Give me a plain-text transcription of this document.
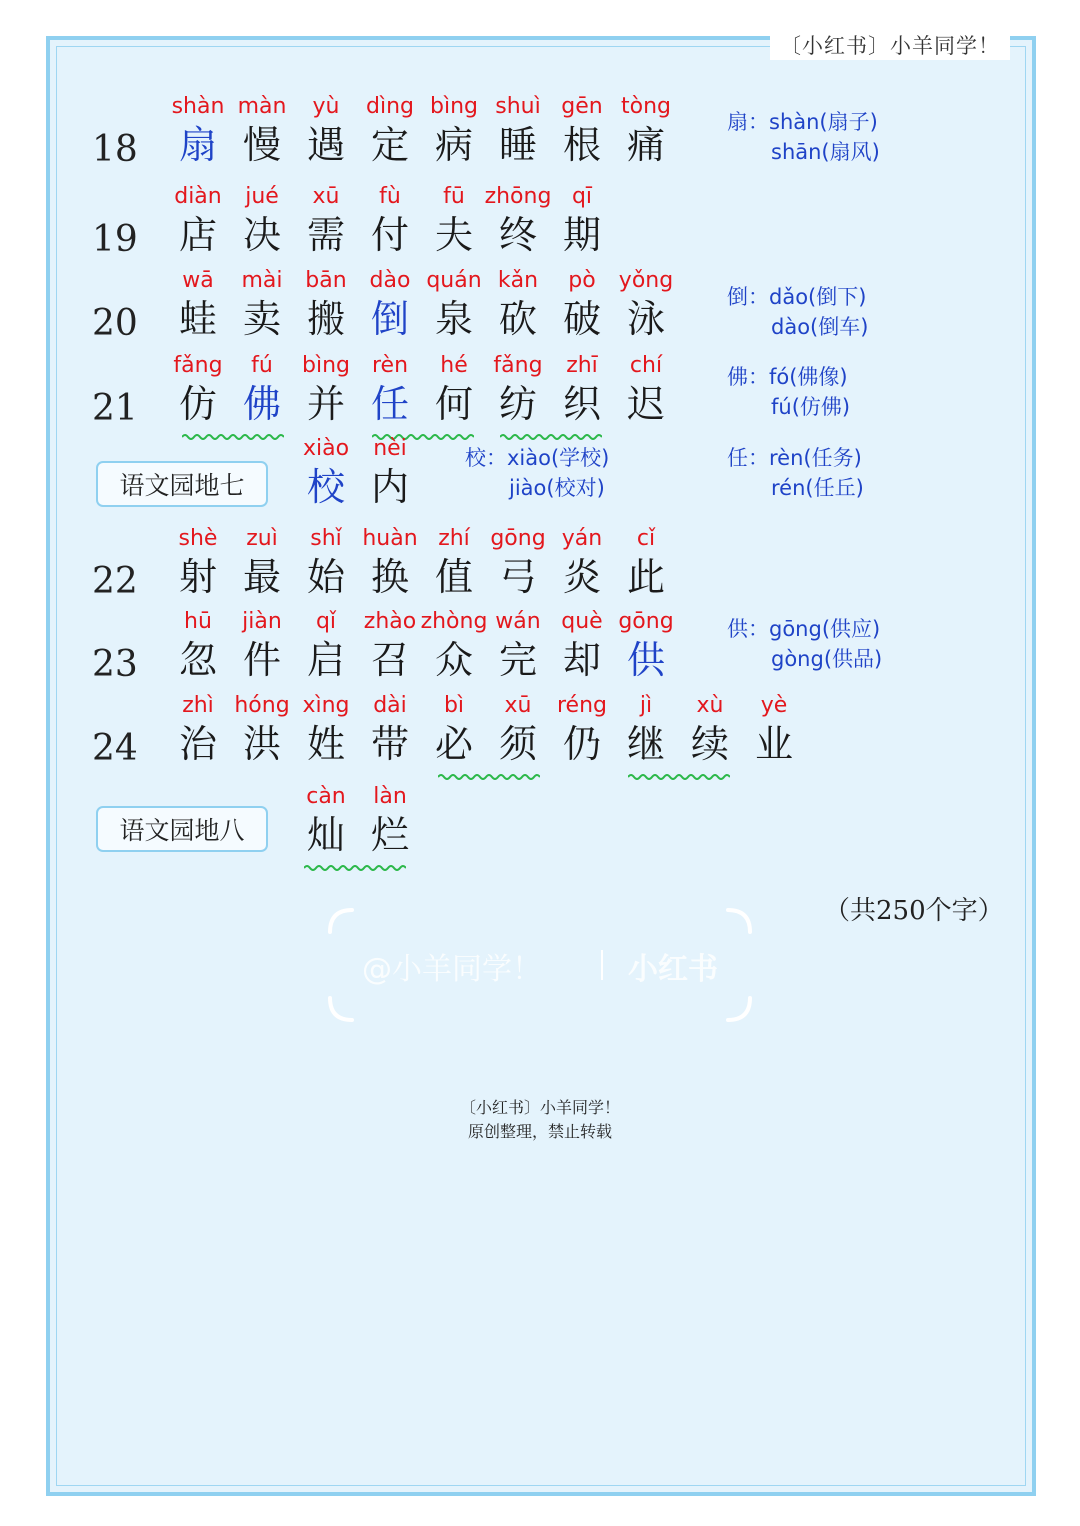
〔小红书〕小羊同学！
18
shàn
扇
màn
慢
yù
遇
dìng
定
bìng
病
shuì
睡
gēn
根
tòng
痛
扇：shàn(扇子)
shān(扇风)
19
diàn
店
jué
决
xū
需
fù
付
fū
夫
zhōng
终
qī
期
20
wā
蛙
mài
卖
bān
搬
dào
倒
quán
泉
kǎn
砍
pò
破
yǒng
泳	倒：dǎo(倒下)
dào(倒车)
21
fǎng
仿
fú
佛
bìng
并
rèn
任
hé
何
fǎng
纺
zhī
织
chí
迟
佛：fó(佛像)
fú(仿佛)
语文园地七
xiào
校
nèi
内
校：xiào(学校)
jiào(校对)
任：rèn(任务)
rén(任丘)
22
shè
射
zuì
最
shǐ
始
huàn
换
zhí
值
gōng
弓
yán
炎
cǐ
此
23
hū
忽
jiàn
件
qǐ
启
zhào
召
zhòng
众
wán
完
què
却
gōng
供
供：gōng(供应)
gòng(供品)
24
zhì
治
hóng
洪
xìng
姓
dài
带
bì
必
xū
须
réng
仍
jì
继
xù
续
yè
业
语文园地八
càn
灿
làn
烂
（共250个字）
@小羊同学！	小红书
〔小红书〕小羊同学！
原创整理，禁止转载
